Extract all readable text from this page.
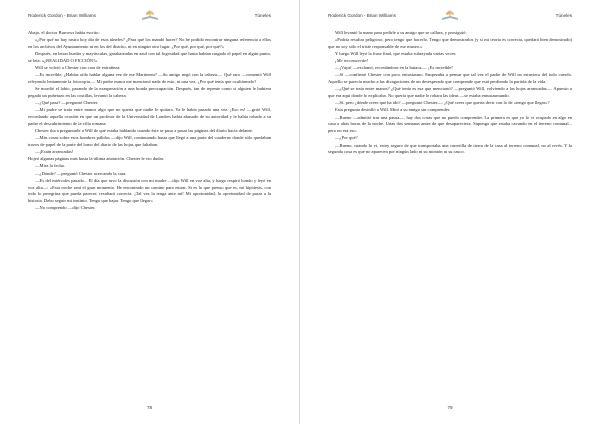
Roderick Gordon - Brian Williams	Túneles

Abajo, el doctor Burrows había escrito:

«¿Por qué no hay rastro hoy día de esos túneles? ¿Para qué los mandó hacer? No he podido encontrar ninguna referencia a ellos en los archivos del Ayuntamiento ni en los del distrito, ni en ningún otro lugar. ¿Por qué, por qué, por qué?»

Después, en letras burdas y mayúsculas, garabateadas en azul con tal fogosidad que hasta habían rasgado el papel en algún punto, se leía: «¿REALIDAD O FICCIÓN?»

Will se volvió a Chester con cara de extrañeza:

—Es increíble. ¿Habías oído hablar alguna vez de ese Martineau? —Su amigo negó con la cabeza—. Qué raro —comentó Will releyendo lentamente la fotocopia—. Mi padre nunca me mencionó nada de esto, ni una vez. ¿Por qué tenía que ocultármelo?

Se mordió el labio, pasando de la exasperación a una honda preocupación. Después, tan de repente como si alguien le hubiera pegado un puñetazo en las costillas, levantó la cabeza.

—¿Qué pasa? —preguntó Chester.

—Mi padre se traía entre manos algo que no quería que nadie le quitara. Ya le había pasado una vez. ¡Eso es! —gritó Will, recordando aquella ocasión en que un profesor de la Universidad de Londres había abusado de su autoridad y le había robado a su padre el descubrimiento de la villa romana.

Chester iba a preguntarle a Will de qué estaba hablando cuando éste se puso a pasar las páginas del diario hacia delante.

—Más cosas sobre esos hombres pálidos —dijo Will, continuando hasta que llegó a una parte del cuaderno donde sólo quedaban trozos de papel de la parte del lomo del diario de las hojas que faltaban.

—¡Están arrancadas!

Hojeó algunas páginas más hasta la última anotación. Chester le vio dudar.

—Mira la fecha.

—¿Dónde? —preguntó Chester acercando la cara.

—Es del miércoles pasado... El día que tuvo la discusión con mi madre —dijo Will en voz alta, y luego respiró hondo y leyó en voz alta—: «Esta noche será el gran momento. He encontrado un camino para entrar. Si es lo que pienso que es, mi hipótesis, con todo lo peregrina que pueda parecer, resultará correcta. ¡Tal vez la tenga ante mí! Mi oportunidad, la oportunidad de pasar a la historia. Debo seguir mi instinto. Tengo que bajar. Tengo que llegar»

—No comprendo —dijo Chester.

78
Roderick Gordon - Brian Williams	Túneles

Will levantó la mano para pedirle a su amigo que se callara, y prosiguió:

«Podría resultar peligroso, pero tengo que hacerlo. Tengo que demostrarlos (y si mi teoría es correcta, quedará bien demostrado) que no soy sólo el triste responsable de ese museo.»

Y luego Will leyó la frase final, que estaba subrayada varias veces:

¡Me reconocerán!

—¡Vaya! —exclamó, recostándose en la butaca—. ¡Es increíble!

—Sí —confirmó Chester con poco entusiasmo. Empezaba a pensar que tal vez el padre de Will no estuviera del todo cuerdo. Aquello se parecía mucho a las divagaciones de un desesperado que comprende que está perdiendo la partida de la vida.

—¿Qué se traía entre manos? ¿Qué tenía es esa que mencionó? —preguntó Will, volviendo a las hojas arrancadas—. Apuesto a que era aquí donde lo explicaba. No quería que nadie le robara las ideas —se estaba entusiasmando.

—Sí, pero ¿dónde crees que ha ido? —preguntó Chester—. ¿Qué crees que quería decir con lo de «tengo que llegar»?

Esta pregunta desinfló a Will. Miró a su amigo sin comprender.

—Bueno —admitió tras una pausa—, hay dos cosas que no puedo comprender. La primera es que yo lo vi ocupado en algo en casa a altas horas de la noche. Unas dos semanas antes de que desapareciera. Supongo que estaba cavando en el terreno comunal... pero no era eso.

—¿Por qué?

—Bueno, cuando lo vi, estoy seguro de que transportaba una carretilla de tierra de la casa al terreno comunal, no al revés. Y la segunda cosa es que no aparecen por ningún lado ni su montón ni su casco.

79
